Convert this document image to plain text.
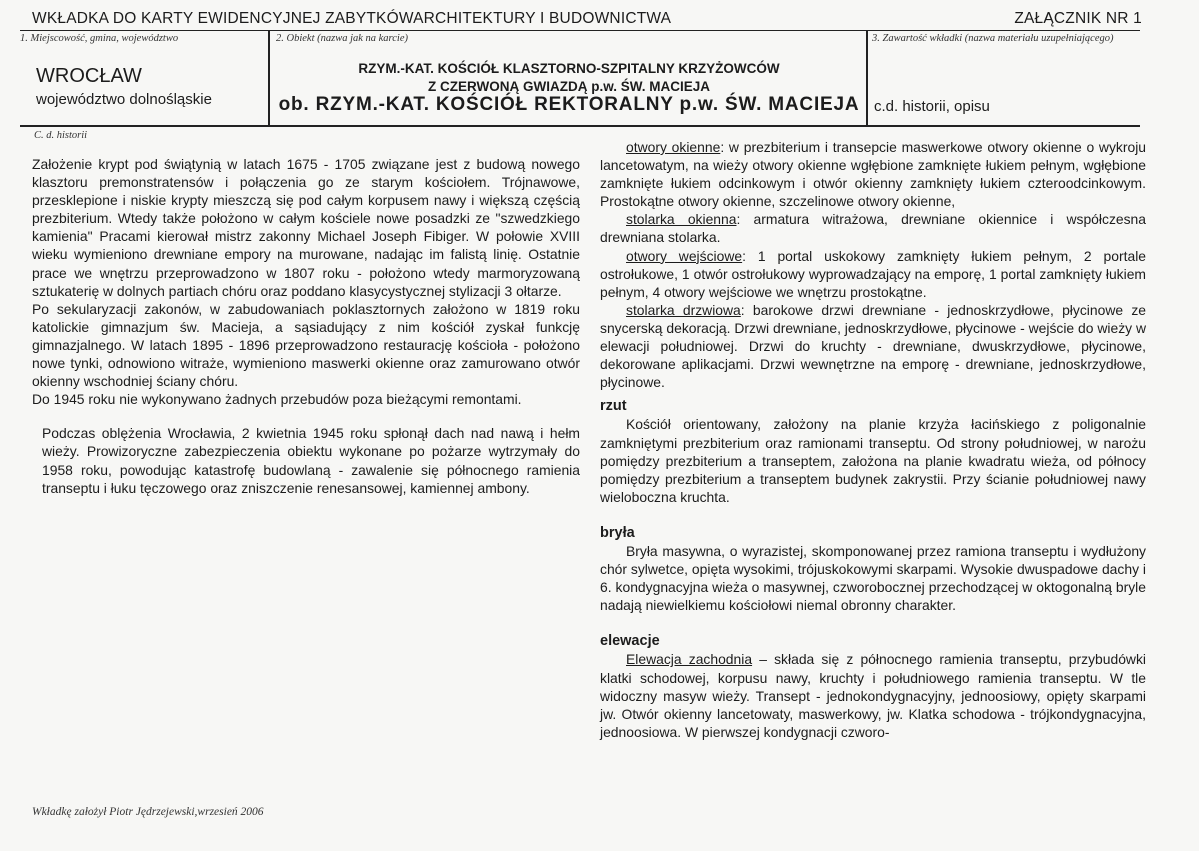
WKŁADKA DO KARTY EWIDENCYJNEJ ZABYTKÓWARCHITEKTURY I BUDOWNICTWA	ZAŁĄCZNIK NR 1
1. Miejscowość, gmina, województwo
WROCŁAW
województwo dolnośląskie
2. Obiekt (nazwa jak na karcie)
RZYM.-KAT. KOŚCIÓŁ KLASZTORNO-SZPITALNY KRZYŻOWCÓW
Z CZERWONĄ GWIAZDĄ p.w. ŚW. MACIEJA
ob. RZYM.-KAT. KOŚCIÓŁ REKTORALNY p.w. ŚW. MACIEJA
3. Zawartość wkładki (nazwa materiału uzupełniającego)
c.d. historii, opisu
C. d. historii

Założenie krypt pod świątynią w latach 1675 - 1705 związane jest z budową nowego klasztoru premonstratensów i połączenia go ze starym kościołem. Trójnawowe, przesklepione i niskie krypty mieszczą się pod całym korpusem nawy i większą częścią prezbiterium. Wtedy także położono w całym kościele nowe posadzki ze "szwedzkiego kamienia" Pracami kierował mistrz zakonny Michael Joseph Fibiger. W połowie XVIII wieku wymieniono drewniane empory na murowane, nadając im falistą linię. Ostatnie prace we wnętrzu przeprowadzono w 1807 roku - położono wtedy marmoryzowaną sztukaterię w dolnych partiach chóru oraz poddano klasycystycznej stylizacji 3 ołtarze.

Po sekularyzacji zakonów, w zabudowaniach poklasztornych założono w 1819 roku katolickie gimnazjum św. Macieja, a sąsiadujący z nim kościół zyskał funkcję gimnazjalnego. W latach 1895 - 1896 przeprowadzono restaurację kościoła - położono nowe tynki, odnowiono witraże, wymieniono maswerki okienne oraz zamurowano otwór okienny wschodniej ściany chóru.

Do 1945 roku nie wykonywano żadnych przebudów poza bieżącymi remontami.

Podczas oblężenia Wrocławia, 2 kwietnia 1945 roku spłonął dach nad nawą i hełm wieży. Prowizoryczne zabezpieczenia obiektu wykonane po pożarze wytrzymały do 1958 roku, powodując katastrofę budowlaną - zawalenie się północnego ramienia transeptu i łuku tęczowego oraz zniszczenie renesansowej, kamiennej ambony.

otwory okienne: w prezbiterium i transepcie maswerkowe otwory okienne o wykroju lancetowatym, na wieży otwory okienne wgłębione zamknięte łukiem pełnym, wgłębione zamknięte łukiem odcinkowym i otwór okienny zamknięty łukiem czteroodcinkowym. Prostokątne otwory okienne, szczelinowe otwory okienne,

stolarka okienna: armatura witrażowa, drewniane okiennice i współczesna drewniana stolarka.

otwory wejściowe: 1 portal uskokowy zamknięty łukiem pełnym, 2 portale ostrołukowe, 1 otwór ostrołukowy wyprowadzający na emporę, 1 portal zamknięty łukiem pełnym, 4 otwory wejściowe we wnętrzu prostokątne.

stolarka drzwiowa: barokowe drzwi drewniane - jednoskrzydłowe, płycinowe ze snycerską dekoracją. Drzwi drewniane, jednoskrzydłowe, płycinowe - wejście do wieży w elewacji południowej. Drzwi do kruchty - drewniane, dwuskrzydłowe, płycinowe, dekorowane aplikacjami. Drzwi wewnętrzne na emporę - drewniane, jednoskrzydłowe, płycinowe.

rzut

Kościół orientowany, założony na planie krzyża łacińskiego z poligonalnie zamkniętymi prezbiterium oraz ramionami transeptu. Od strony południowej, w narożu pomiędzy prezbiterium a transeptem, założona na planie kwadratu wieża, od północy pomiędzy prezbiterium a transeptem budynek zakrystii. Przy ścianie południowej nawy wieloboczna kruchta.

bryła

Bryła masywna, o wyrazistej, skomponowanej przez ramiona transeptu i wydłużony chór sylwetce, opięta wysokimi, trójuskokowymi skarpami. Wysokie dwuspadowe dachy i 6. kondygnacyjna wieża o masywnej, czworobocznej przechodzącej w oktogonalną bryle nadają niewielkiemu kościołowi niemal obronny charakter.

elewacje

Elewacja zachodnia – składa się z północnego ramienia transeptu, przybudówki klatki schodowej, korpusu nawy, kruchty i południowego ramienia transeptu. W tle widoczny masyw wieży. Transept - jednokondygnacyjny, jednoosiowy, opięty skarpami jw. Otwór okienny lancetowaty, maswerkowy, jw. Klatka schodowa - trójkondygnacyjna, jednoosiowa. W pierwszej kondygnacji czworo-

Wkładkę założył Piotr Jędrzejewski,wrzesień 2006
